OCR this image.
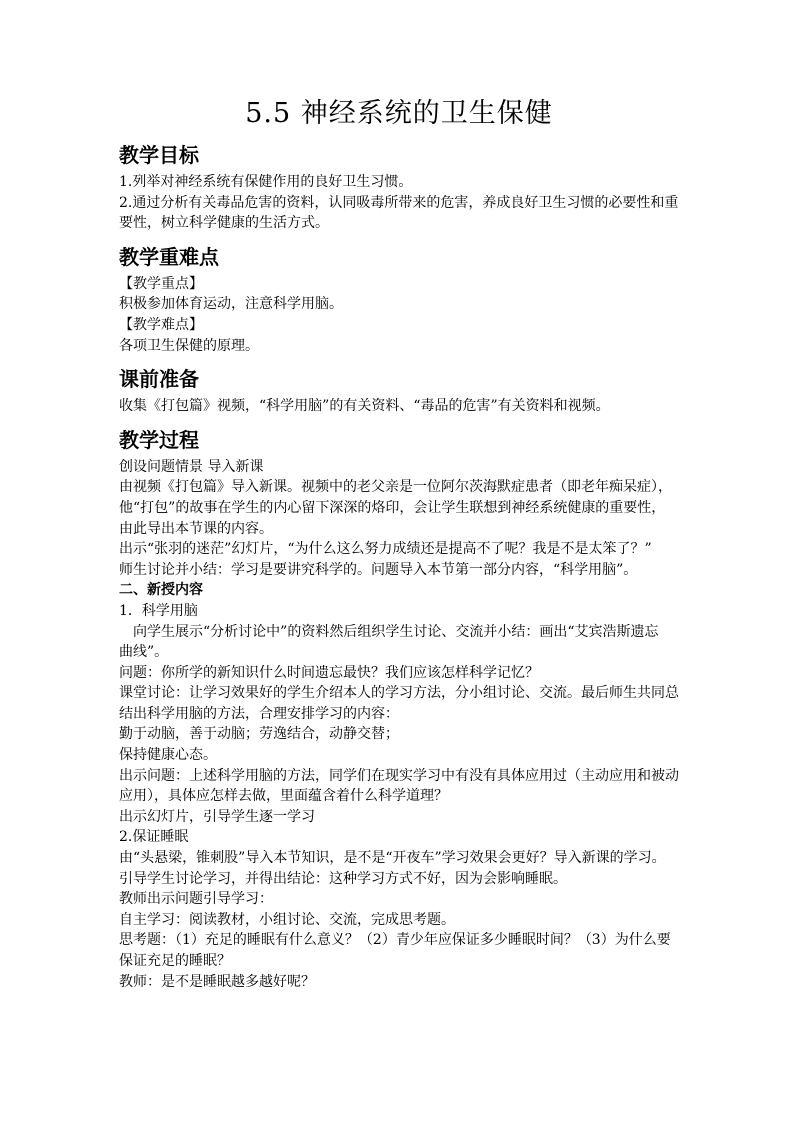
5.5 神经系统的卫生保健
教学目标

1.列举对神经系统有保健作用的良好卫生习惯。

2.通过分析有关毒品危害的资料，认同吸毒所带来的危害，养成良好卫生习惯的必要性和重

要性，树立科学健康的生活方式。

教学重难点

【教学重点】

积极参加体育运动，注意科学用脑。

【教学难点】

各项卫生保健的原理。

课前准备

收集《打包篇》视频，“科学用脑”的有关资料、“毒品的危害”有关资料和视频。

教学过程

创设问题情景 导入新课

由视频《打包篇》导入新课。视频中的老父亲是一位阿尔茨海默症患者（即老年痴呆症），

他“打包”的故事在学生的内心留下深深的烙印，会让学生联想到神经系统健康的重要性，

由此导出本节课的内容。

出示“张羽的迷茫”幻灯片，“为什么这么努力成绩还是提高不了呢？我是不是太笨了？”

师生讨论并小结：学习是要讲究科学的。问题导入本节第一部分内容，“科学用脑”。

二、新授内容

1．科学用脑

向学生展示“分析讨论中”的资料然后组织学生讨论、交流并小结：画出“艾宾浩斯遗忘

曲线”。

问题：你所学的新知识什么时间遗忘最快？我们应该怎样科学记忆？

课堂讨论：让学习效果好的学生介绍本人的学习方法，分小组讨论、交流。最后师生共同总

结出科学用脑的方法，合理安排学习的内容：

勤于动脑，善于动脑；劳逸结合，动静交替；

保持健康心态。

出示问题：上述科学用脑的方法，同学们在现实学习中有没有具体应用过（主动应用和被动

应用），具体应怎样去做，里面蕴含着什么科学道理？

出示幻灯片，引导学生逐一学习

2.保证睡眠

由“头悬梁，锥刺股”导入本节知识，是不是“开夜车”学习效果会更好？导入新课的学习。

引导学生讨论学习，并得出结论：这种学习方式不好，因为会影响睡眠。

教师出示问题引导学习：

自主学习：阅读教材，小组讨论、交流，完成思考题。

思考题：（1）充足的睡眠有什么意义？（2）青少年应保证多少睡眠时间？（3）为什么要

保证充足的睡眠？

教师：是不是睡眠越多越好呢？
